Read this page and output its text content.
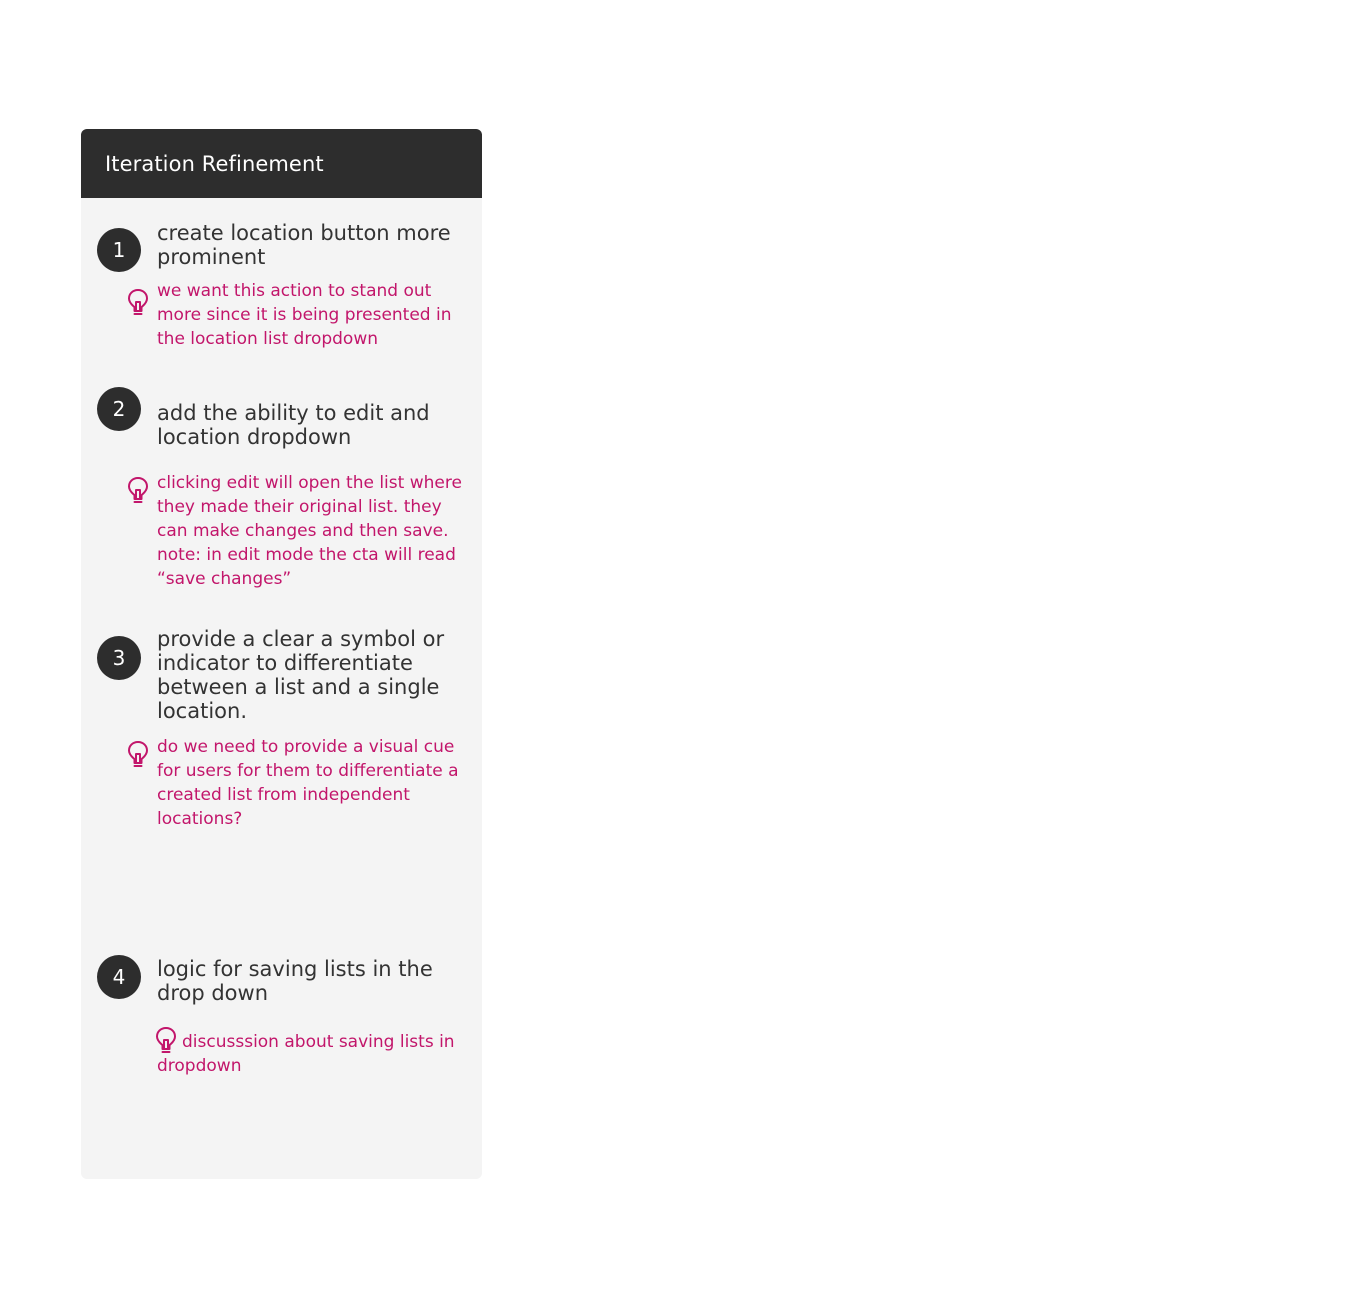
Iteration Refinement
1
create location button more prominent
we want this action to stand out more since it is being presented in the location list dropdown
2 add the ability to edit and location dropdown
clicking edit will open the list where they made their original list. they can make changes and then save. note: in edit mode the cta will read “save changes”
3
provide a clear a symbol or indicator to differentiate between a list and a single location.
do we need to provide a visual cue for users for them to differentiate a created list from independent locations?
4 logic for saving lists in the drop down
discusssion about saving lists in dropdown
